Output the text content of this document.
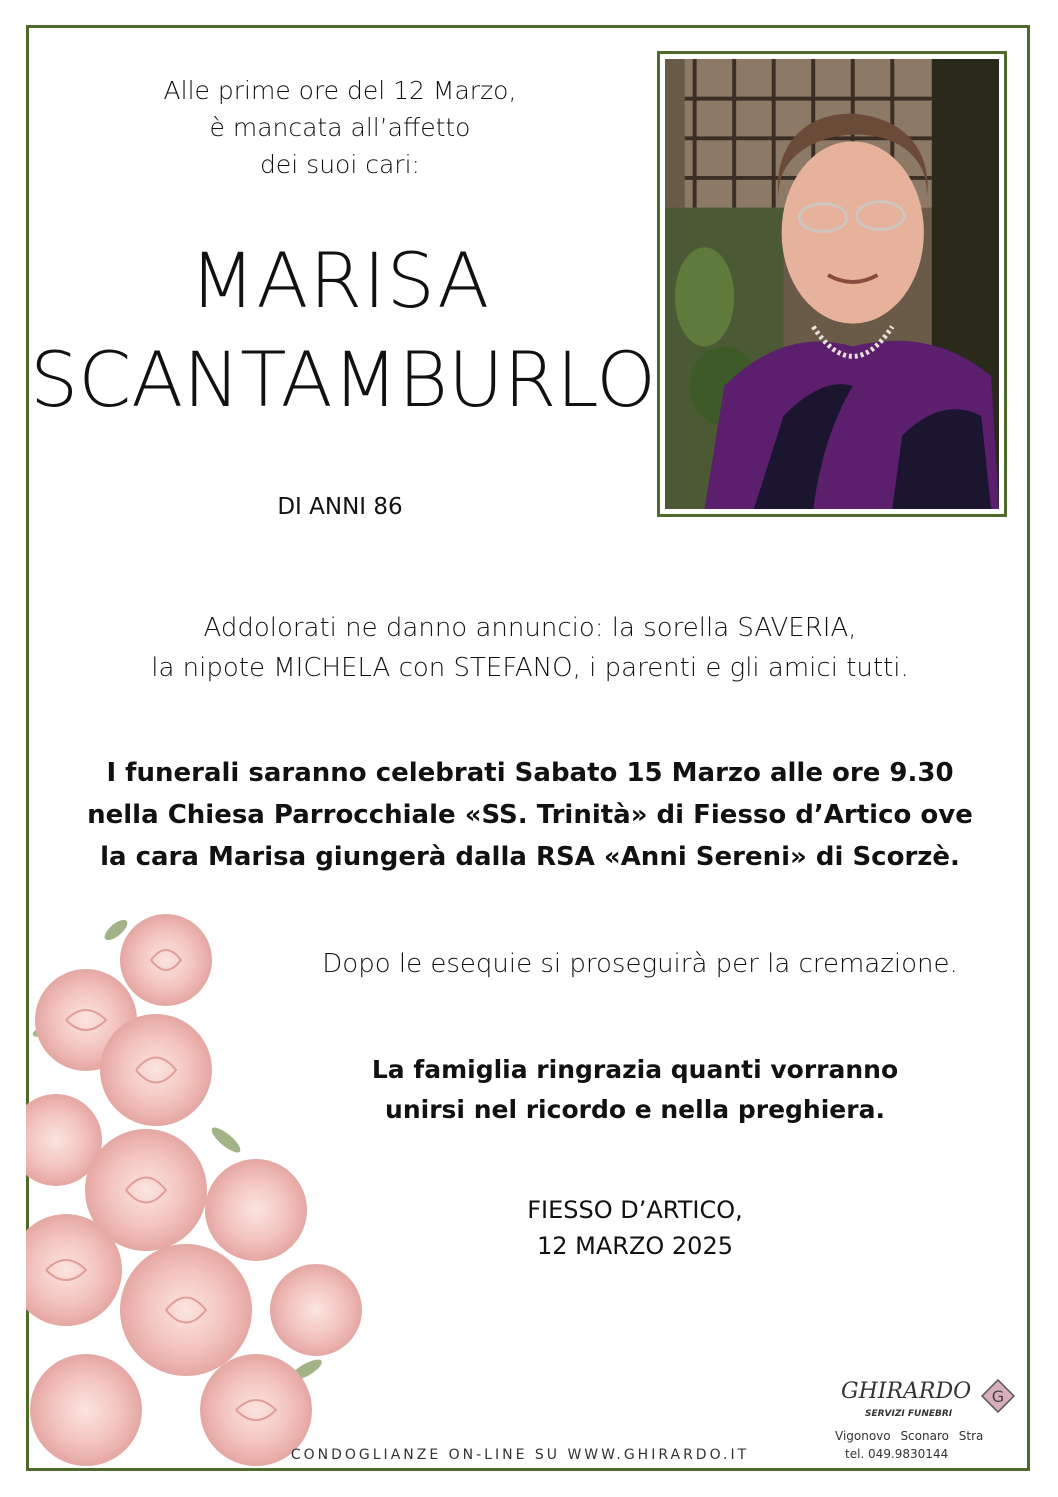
Alle prime ore del 12 Marzo,
è mancata all’affetto
dei suoi cari:
MARISA
SCANTAMBURLO
DI ANNI 86
Addolorati ne danno annuncio: la sorella SAVERIA,
la nipote MICHELA con STEFANO, i parenti e gli amici tutti.
I funerali saranno celebrati Sabato 15 Marzo alle ore 9.30
nella Chiesa Parrocchiale «SS. Trinità» di Fiesso d’Artico ove
la cara Marisa giungerà dalla RSA «Anni Sereni» di Scorzè.
Dopo le esequie si proseguirà per la cremazione.
La famiglia ringrazia quanti vorranno
unirsi nel ricordo e nella preghiera.
FIESSO D’ARTICO,
12 MARZO 2025
CONDOGLIANZE ON-LINE SU WWW.GHIRARDO.IT
GHIRARDO
SERVIZI FUNEBRI
G
Vigonovo Sconaro Stra
tel. 049.9830144
